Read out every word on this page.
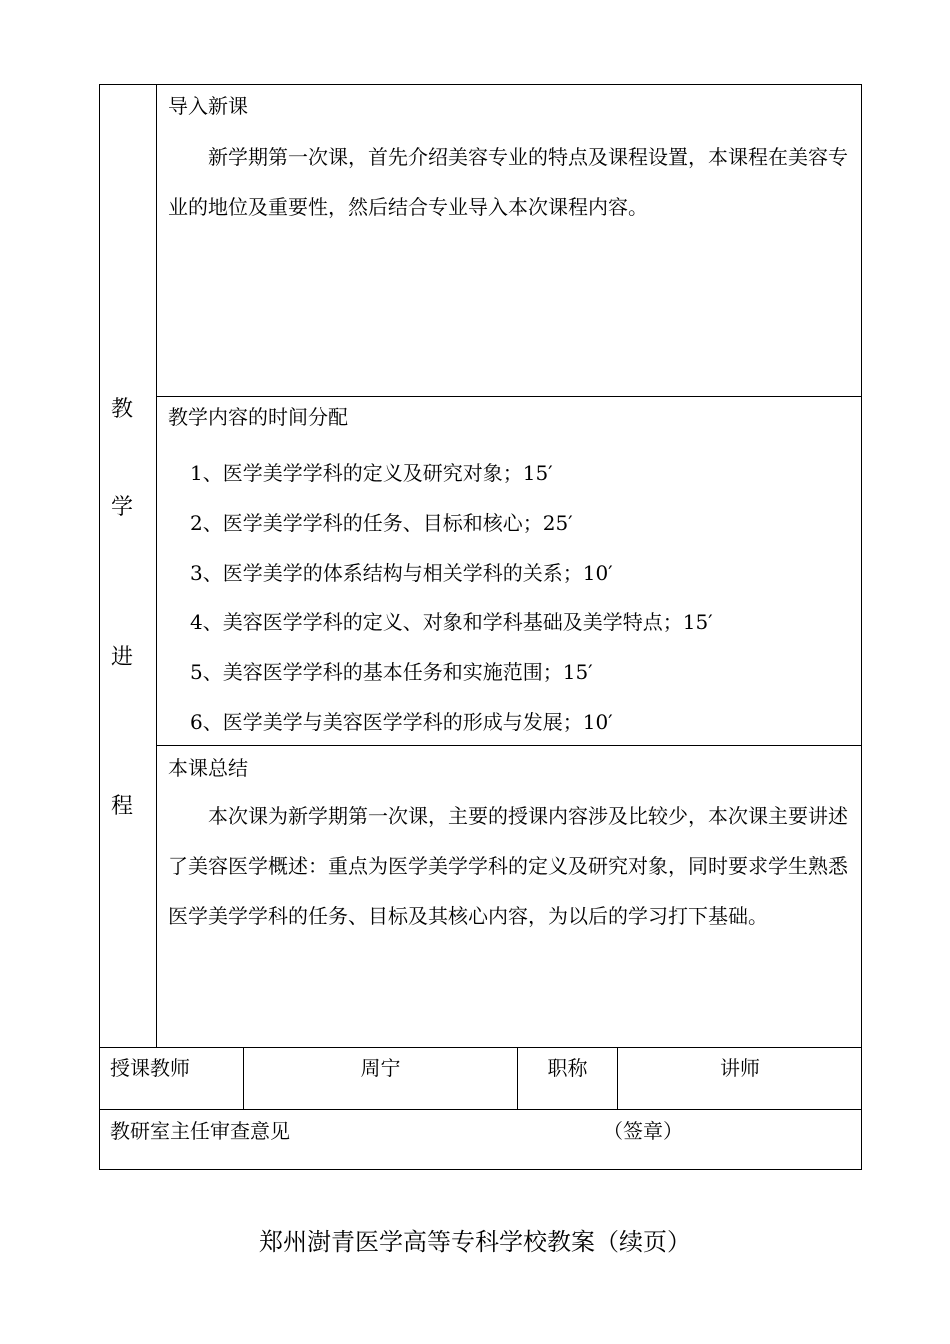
教
学
进
程
导入新课
新学期第一次课，首先介绍美容专业的特点及课程设置，本课程在美容专业的地位及重要性，然后结合专业导入本次课程内容。
教学内容的时间分配
1、医学美学学科的定义及研究对象；15′
2、医学美学学科的任务、目标和核心；25′
3、医学美学的体系结构与相关学科的关系；10′
4、美容医学学科的定义、对象和学科基础及美学特点；15′
5、美容医学学科的基本任务和实施范围；15′
6、医学美学与美容医学学科的形成与发展；10′
本课总结
本次课为新学期第一次课，主要的授课内容涉及比较少，本次课主要讲述了美容医学概述：重点为医学美学学科的定义及研究对象，同时要求学生熟悉医学美学学科的任务、目标及其核心内容，为以后的学习打下基础。
授课教师	周宁	职称	讲师
教研室主任审查意见	（签章）
郑州澍青医学高等专科学校教案（续页）
